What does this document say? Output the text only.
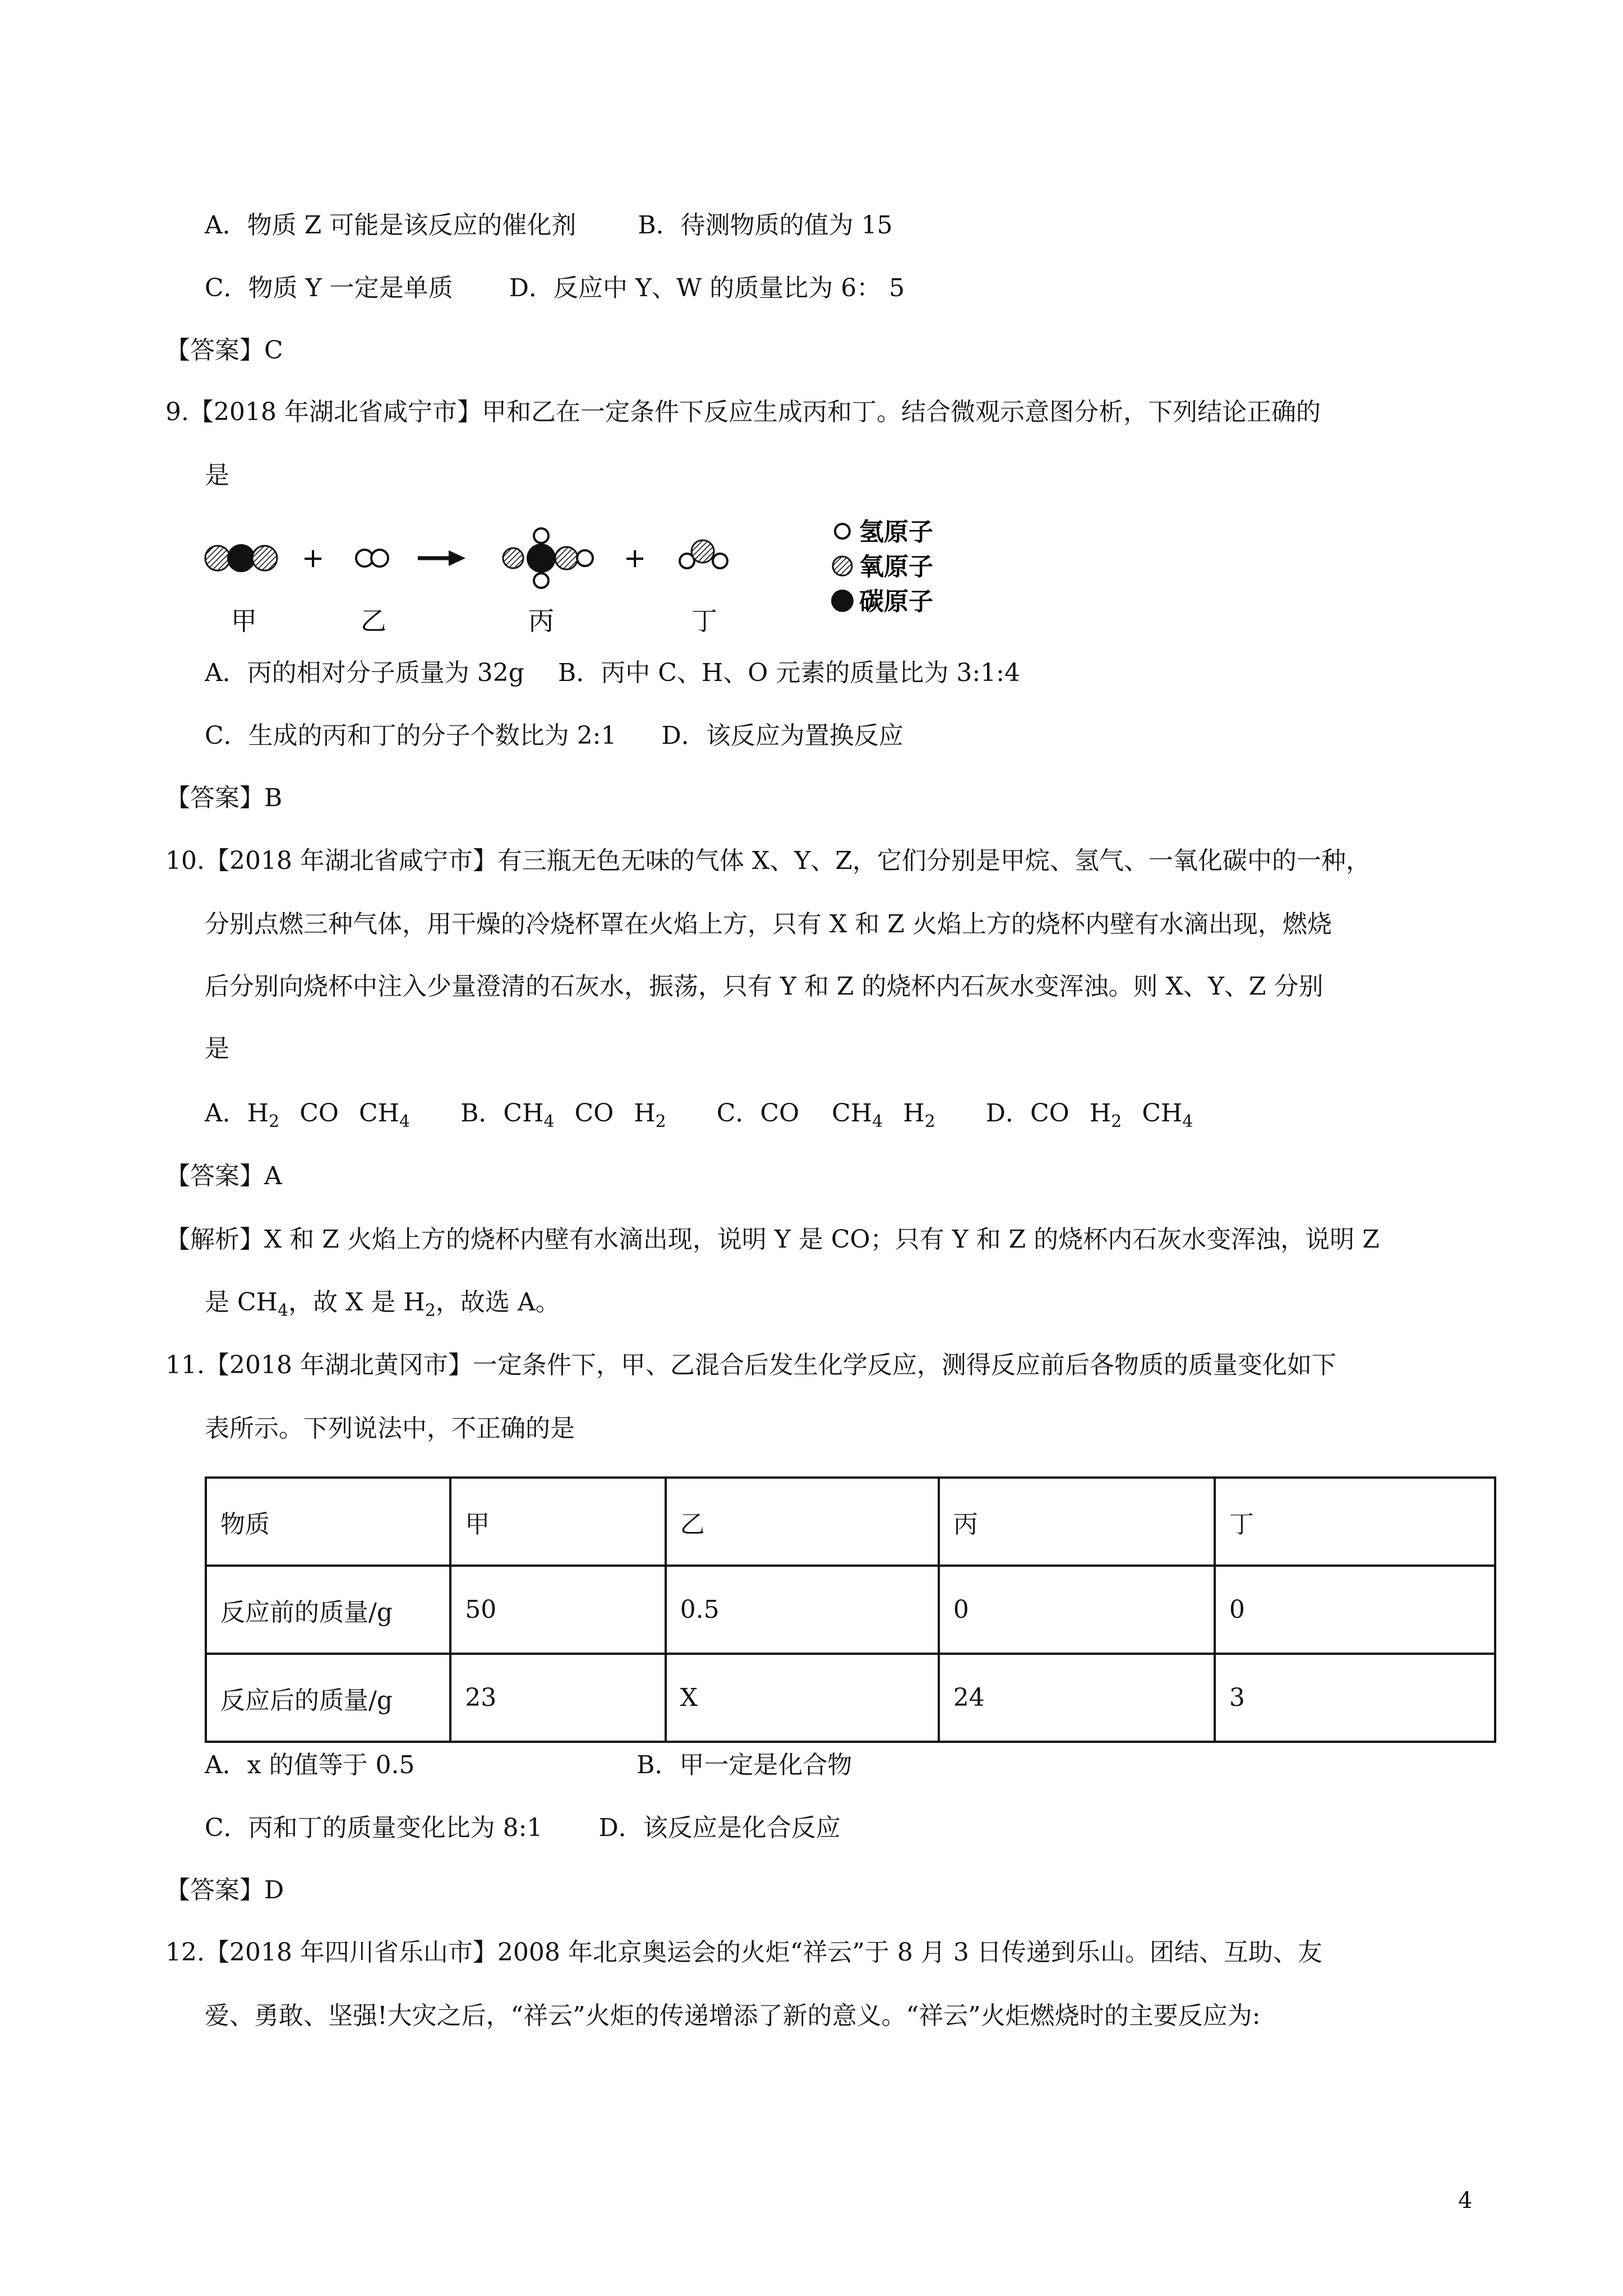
A．物质 Z 可能是该反应的催化剂	B．待测物质的值为 15
C．物质 Y 一定是单质 D．反应中 Y、W 的质量比为 6： 5
【答案】C
9.【2018 年湖北省咸宁市】甲和乙在一定条件下反应生成丙和丁。结合微观示意图分析，下列结论正确的
是
+	+
甲	乙	丙	丁
氢原子
氧原子
碳原子
A．丙的相对分子质量为 32g B．丙中 C、H、O 元素的质量比为 3:1:4
C．生成的丙和丁的分子个数比为 2:1 D．该反应为置换反应
【答案】B
10.【2018 年湖北省咸宁市】有三瓶无色无味的气体 X、Y、Z，它们分别是甲烷、氢气、一氧化碳中的一种，
分别点燃三种气体，用干燥的冷烧杯罩在火焰上方，只有 X 和 Z 火焰上方的烧杯内壁有水滴出现，燃烧
后分别向烧杯中注入少量澄清的石灰水，振荡，只有 Y 和 Z 的烧杯内石灰水变浑浊。则 X、Y、Z 分别
是
A．$H_2$  CO  $CH_4$ B．$CH_4$  CO  $H_2$ C．CO  $CH_4$  $H_2$ D．CO  $H_2$  $CH_4$
【答案】A
【解析】X 和 Z 火焰上方的烧杯内壁有水滴出现，说明 Y 是 CO；只有 Y 和 Z 的烧杯内石灰水变浑浊，说明 Z
是 $CH_4$，故 X 是 $H_2$，故选 A。
11.【2018 年湖北黄冈市】一定条件下，甲、乙混合后发生化学反应，测得反应前后各物质的质量变化如下
表所示。下列说法中，不正确的是
物质	甲	乙	丙	丁
反应前的质量/g	50	0.5	0	0
反应后的质量/g	23	X	24	3
A．x 的值等于 0.5	B．甲一定是化合物
C．丙和丁的质量变化比为 8:1 D．该反应是化合反应
【答案】D
12.【2018 年四川省乐山市】2008 年北京奥运会的火炬“祥云”于 8 月 3 日传递到乐山。团结、互助、友
爱、勇敢、坚强!大灾之后，“祥云”火炬的传递增添了新的意义。“祥云”火炬燃烧时的主要反应为:
4
